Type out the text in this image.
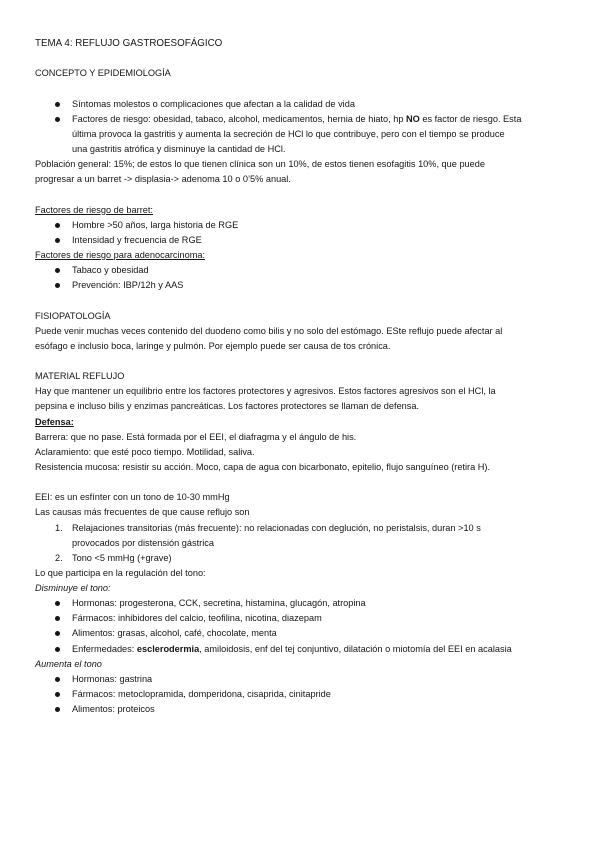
TEMA 4: REFLUJO GASTROESOFÁGICO
CONCEPTO Y EPIDEMIOLOGÍA
Síntomas molestos o complicaciones que afectan a la calidad de vida
Factores de riesgo: obesidad, tabaco, alcohol, medicamentos, hernia de hiato, hp NO es factor de riesgo. Esta
última provoca la gastritis y aumenta la secreción de HCl lo que contribuye, pero con el tiempo se produce
una gastritis atrófica y disminuye la cantidad de HCl.
Población general: 15%; de estos lo que tienen clínica son un 10%, de estos tienen esofagitis 10%, que puede
progresar a un barret -> displasia-> adenoma 10 o 0’5% anual.
Factores de riesgo de barret:
Hombre >50 años, larga historia de RGE
Intensidad y frecuencia de RGE
Factores de riesgo para adenocarcinoma:
Tabaco y obesidad
Prevención: IBP/12h y AAS
FISIOPATOLOGÍA
Puede venir muchas veces contenido del duodeno como bilis y no solo del estómago. ESte reflujo puede afectar al
esófago e inclusio boca, laringe y pulmón. Por ejemplo puede ser causa de tos crónica.
MATERIAL REFLUJO
Hay que mantener un equilibrio entre los factores protectores y agresivos. Estos factores agresivos son el HCl, la
pepsina e incluso bilis y enzimas pancreáticas. Los factores protectores se llaman de defensa.
Defensa:
Barrera: que no pase. Está formada por el EEI, el diafragma y el ángulo de his.
Aclaramiento: que esté poco tiempo. Motilidad, saliva.
Resistencia mucosa: resistir su acción. Moco, capa de agua con bicarbonato, epitelio, flujo sanguíneo (retira H).
EEI: es un esfínter con un tono de 10-30 mmHg
Las causas más frecuentes de que cause reflujo son
1. Relajaciones transitorias (más frecuente): no relacionadas con deglución, no peristalsis, duran >10 s
provocados por distensión gástrica
2. Tono <5 mmHg (+grave)
Lo que participa en la regulación del tono:
Disminuye el tono:
Hormonas: progesterona, CCK, secretina, histamina, glucagón, atropina
Fármacos: inhibidores del calcio, teofilina, nicotina, diazepam
Alimentos: grasas, alcohol, café, chocolate, menta
Enfermedades: esclerodermia, amiloidosis, enf del tej conjuntivo, dilatación o miotomía del EEI en acalasia
Aumenta el tono
Hormonas: gastrina
Fármacos: metoclopramida, domperidona, cisaprida, cinitapride
Alimentos: proteicos
